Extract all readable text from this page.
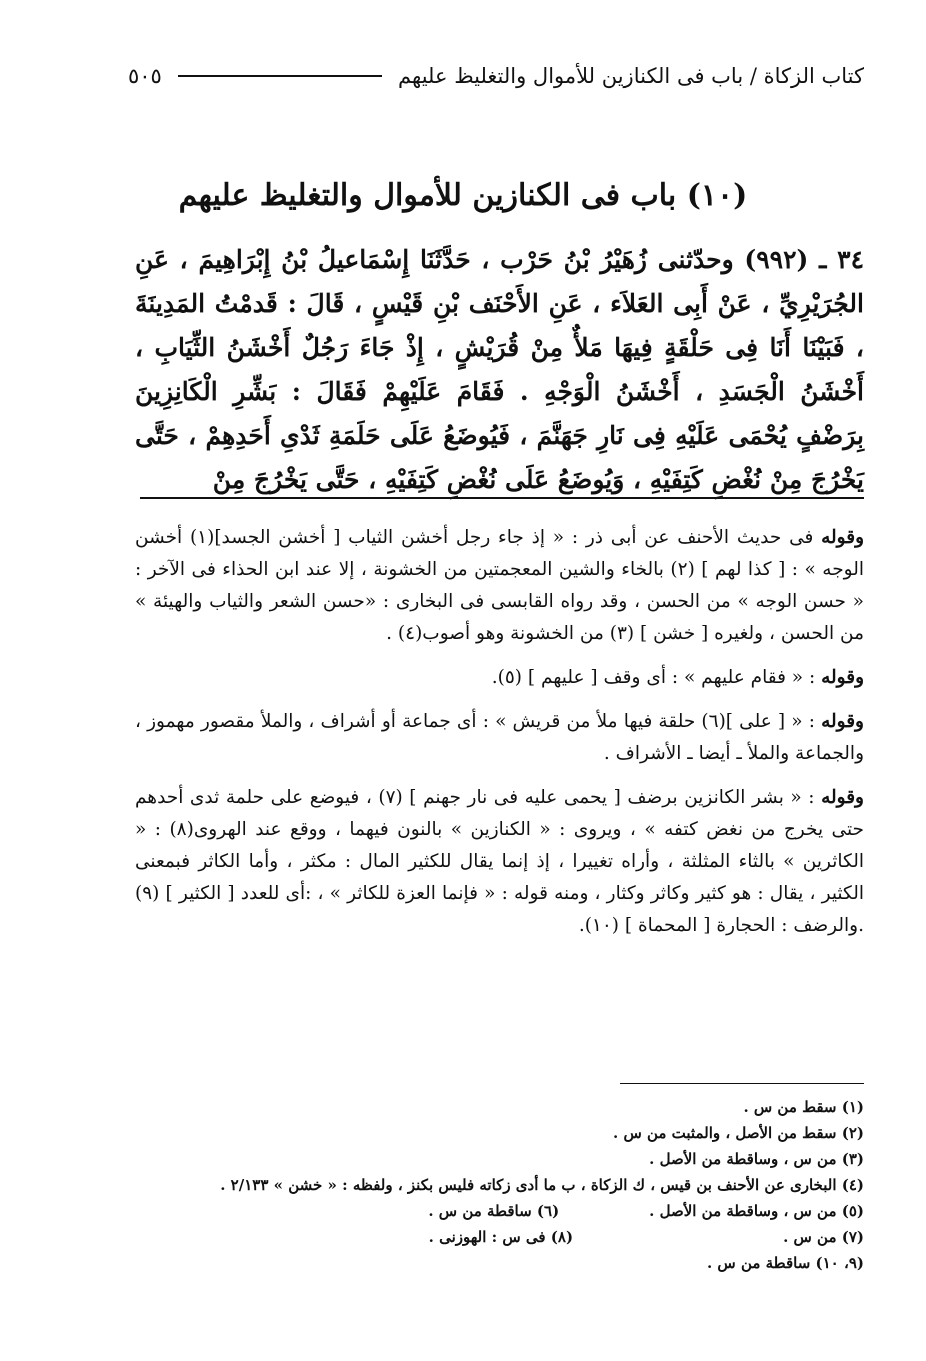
كتاب الزكاة / باب فى الكنازين للأموال والتغليظ عليهم
٥٠٥
(١٠) باب فى الكنازين للأموال والتغليظ عليهم

٣٤ ـ (٩٩٢) وحدّثنى زُهَيْرُ بْنُ حَرْب ، حَدَّثَنَا إِسْمَاعيلُ بْنُ إِبْرَاهِيمَ ، عَنِ الجُرَيْرِيِّ ، عَنْ أَبِى العَلاَء ، عَنِ الأَحْنَف بْنِ قَيْسٍ ، قَالَ : قَدمْتُ المَدِينَةَ ، فَبَيْنَا أَنَا فِى حَلْقَةٍ فِيهَا مَلأٌ مِنْ قُرَيْشٍ ، إِذْ جَاءَ رَجُلٌ أَخْشَنُ الثِّيَابِ ، أَخْشَنُ الْجَسَدِ ، أَخْشَنُ الْوَجْهِ . فَقَامَ عَلَيْهِمْ فَقَالَ : بَشِّرِ الْكَانِزِينَ بِرَضْفٍ يُحْمَى عَلَيْهِ فِى نَارِ جَهَنَّمَ ، فَيُوضَعُ عَلَى حَلَمَةِ ثَدْىِ أَحَدِهِمْ ، حَتَّى يَخْرُجَ مِنْ نُغْضِ كَتِفَيْهِ ، وَيُوضَعُ عَلَى نُغْضِ كَتِفَيْهِ ، حَتَّى يَخْرُجَ مِنْ

وقوله فى حديث الأحنف عن أبى ذر : « إذ جاء رجل أخشن الثياب [ أخشن الجسد](١) أخشن الوجه » : [ كذا لهم ] (٢) بالخاء والشين المعجمتين من الخشونة ، إلا عند ابن الحذاء فى الآخر : « حسن الوجه » من الحسن ، وقد رواه القابسى فى البخارى : «حسن الشعر والثياب والهيئة » من الحسن ، ولغيره [ خشن ] (٣) من الخشونة وهو أصوب(٤) .

وقوله : « فقام عليهم » : أى وقف [ عليهم ] (٥).

وقوله : « [ على ](٦) حلقة فيها ملأ من قريش » : أى جماعة أو أشراف ، والملأ مقصور مهموز ، والجماعة والملأ ـ أيضا ـ الأشراف .

وقوله : « بشر الكانزين برضف [ يحمى عليه فى نار جهنم ] (٧) ، فيوضع على حلمة ثدى أحدهم حتى يخرج من نغض كتفه » ، ويروى : « الكنازين » بالنون فيهما ، ووقع عند الهروى(٨) : « الكاثرين » بالثاء المثلثة ، وأراه تغييرا ، إذ إنما يقال للكثير المال : مكثر ، وأما الكاثر فبمعنى الكثير ، يقال : هو كثير وكاثر وكثار ، ومنه قوله : « فإنما العزة للكاثر » ، :أى للعدد [ الكثير ] (٩) .والرضف : الحجارة [ المحماة ] (١٠).

(١) سقط من س .
(٢) سقط من الأصل ، والمثبت من س .
(٣) من س ، وساقطة من الأصل .
(٤) البخارى عن الأحنف بن قيس ، ك الزكاة ، ب ما أدى زكاته فليس بكنز ، ولفظه : « خشن » ٢/١٣٣ .
(٥) من س ، وساقطة من الأصل .
(٦) ساقطة من س .
(٧) من س .
(٨) فى س : الهوزنى .
(٩، ١٠) ساقطة من س .
